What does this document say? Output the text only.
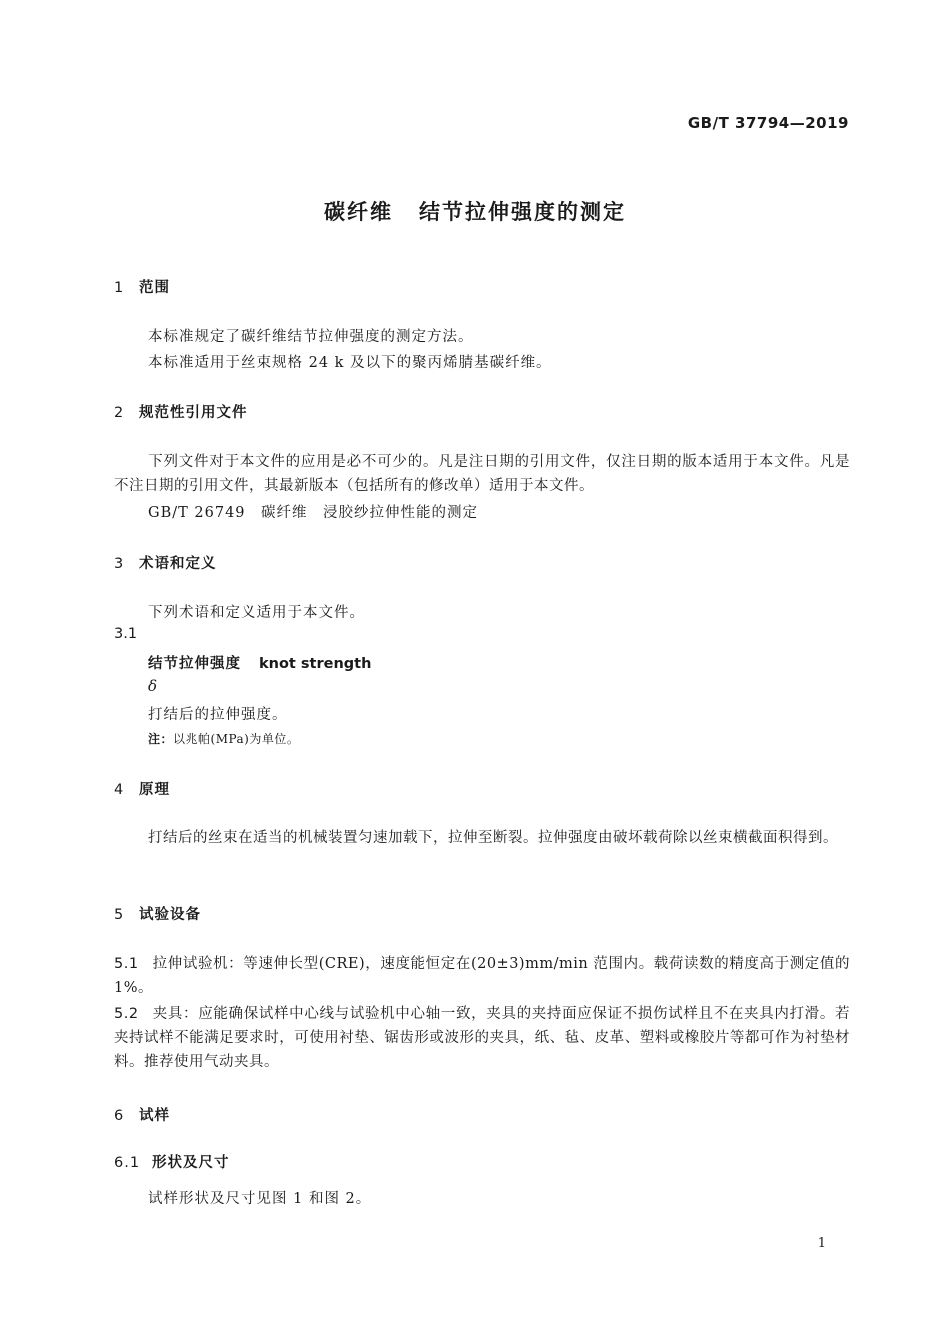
GB/T 37794—2019
碳纤维 结节拉伸强度的测定
1 范围
本标准规定了碳纤维结节拉伸强度的测定方法。
本标准适用于丝束规格 24 k 及以下的聚丙烯腈基碳纤维。
2 规范性引用文件
下列文件对于本文件的应用是必不可少的。凡是注日期的引用文件，仅注日期的版本适用于本文件。凡是不注日期的引用文件，其最新版本（包括所有的修改单）适用于本文件。
GB/T 26749　碳纤维　浸胶纱拉伸性能的测定
3 术语和定义
下列术语和定义适用于本文件。
3.1
结节拉伸强度 knot strength
δ
打结后的拉伸强度。
注：以兆帕(MPa)为单位。
4 原理
打结后的丝束在适当的机械装置匀速加载下，拉伸至断裂。拉伸强度由破坏载荷除以丝束横截面积得到。
5 试验设备
5.1 拉伸试验机：等速伸长型(CRE)，速度能恒定在(20±3)mm/min 范围内。载荷读数的精度高于测定值的 1%。
5.2 夹具：应能确保试样中心线与试验机中心轴一致，夹具的夹持面应保证不损伤试样且不在夹具内打滑。若夹持试样不能满足要求时，可使用衬垫、锯齿形或波形的夹具，纸、毡、皮革、塑料或橡胶片等都可作为衬垫材料。推荐使用气动夹具。
6 试样
6.1 形状及尺寸
试样形状及尺寸见图 1 和图 2。
1
